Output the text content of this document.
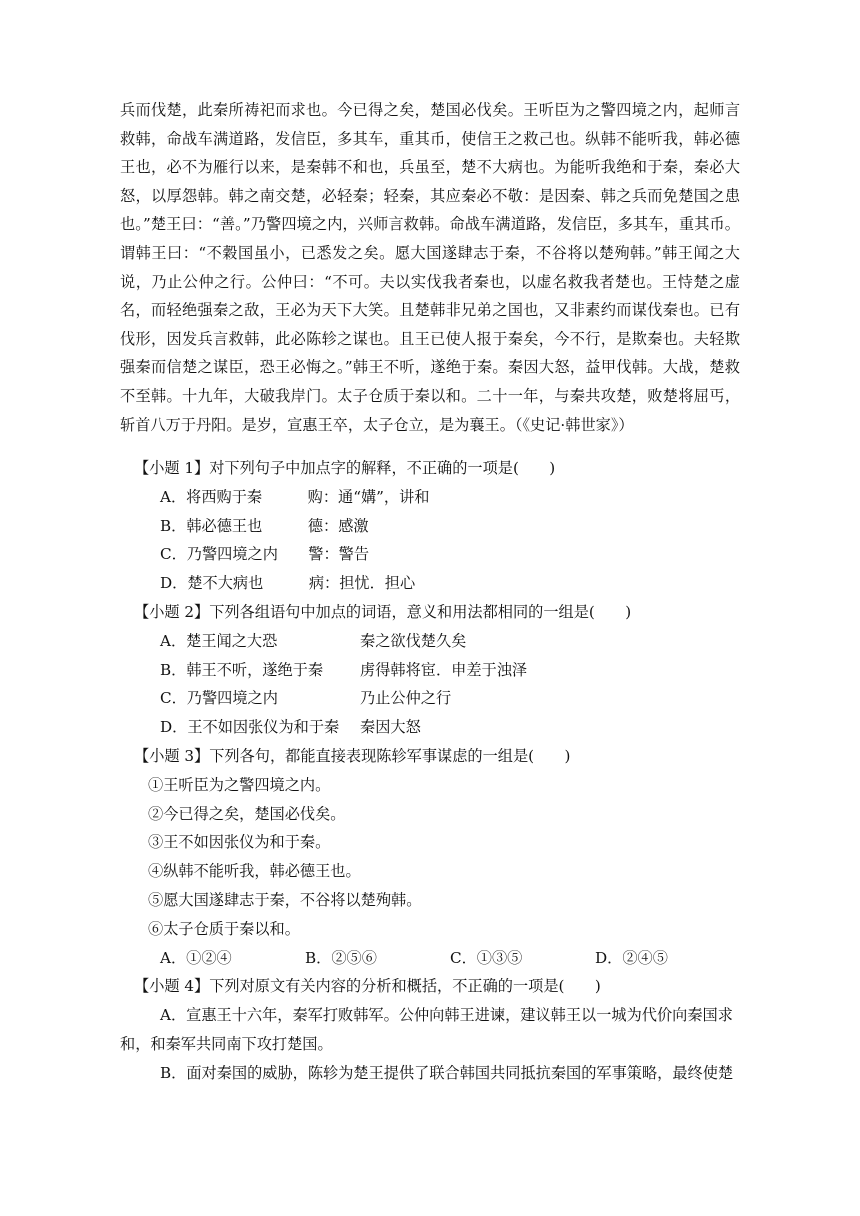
兵而伐楚，此秦所祷祀而求也。今已得之矣，楚国必伐矣。王听臣为之警四境之内，起师言救韩，命战车满道路，发信臣，多其车，重其币，使信王之救己也。纵韩不能听我，韩必德王也，必不为雁行以来，是秦韩不和也，兵虽至，楚不大病也。为能听我绝和于秦，秦必大怒，以厚怨韩。韩之南交楚，必轻秦；轻秦，其应秦必不敬：是因秦、韩之兵而免楚国之患也。”楚王曰：“善。”乃警四境之内，兴师言救韩。命战车满道路，发信臣，多其车，重其币。谓韩王曰：“不穀国虽小，已悉发之矣。愿大国遂肆志于秦，不谷将以楚殉韩。”韩王闻之大说，乃止公仲之行。公仲曰：“不可。夫以实伐我者秦也，以虚名救我者楚也。王恃楚之虚名，而轻绝强秦之敌，王必为天下大笑。且楚韩非兄弟之国也，又非素约而谋伐秦也。已有伐形，因发兵言救韩，此必陈轸之谋也。且王已使人报于秦矣，今不行，是欺秦也。夫轻欺强秦而信楚之谋臣，恐王必悔之。”韩王不听，遂绝于秦。秦因大怒，益甲伐韩。大战，楚救不至韩。十九年，大破我岸门。太子仓质于秦以和。二十一年，与秦共攻楚，败楚将屈丐，斩首八万于丹阳。是岁，宣惠王卒，太子仓立，是为襄王。（《史记·韩世家》）

【小题 1】对下列句子中加点字的解释，不正确的一项是(　　)

A．将西购于秦　　　购：通“媾”，讲和

B．韩必德王也　　　德：感激

C．乃警四境之内　　警：警告

D．楚不大病也　　　病：担忧．担心

【小题 2】下列各组语句中加点的词语，意义和用法都相同的一组是(　　)

A．楚王闻之大恐	秦之欲伐楚久矣
B．韩王不听，遂绝于秦	虏得韩将宦．申差于浊泽
C．乃警四境之内	乃止公仲之行
D．王不如因张仪为和于秦	秦因大怒

【小题 3】下列各句，都能直接表现陈轸军事谋虑的一组是(　　)

①王听臣为之警四境之内。

②今已得之矣，楚国必伐矣。

③王不如因张仪为和于秦。

④纵韩不能听我，韩必德王也。

⑤愿大国遂肆志于秦，不谷将以楚殉韩。

⑥太子仓质于秦以和。

A．①②④	B．②⑤⑥	C．①③⑤	D．②④⑤

【小题 4】下列对原文有关内容的分析和概括，不正确的一项是(　　)

A．宣惠王十六年，秦军打败韩军。公仲向韩王进谏，建议韩王以一城为代价向秦国求

和，和秦军共同南下攻打楚国。

B．面对秦国的威胁，陈轸为楚王提供了联合韩国共同抵抗秦国的军事策略，最终使楚
